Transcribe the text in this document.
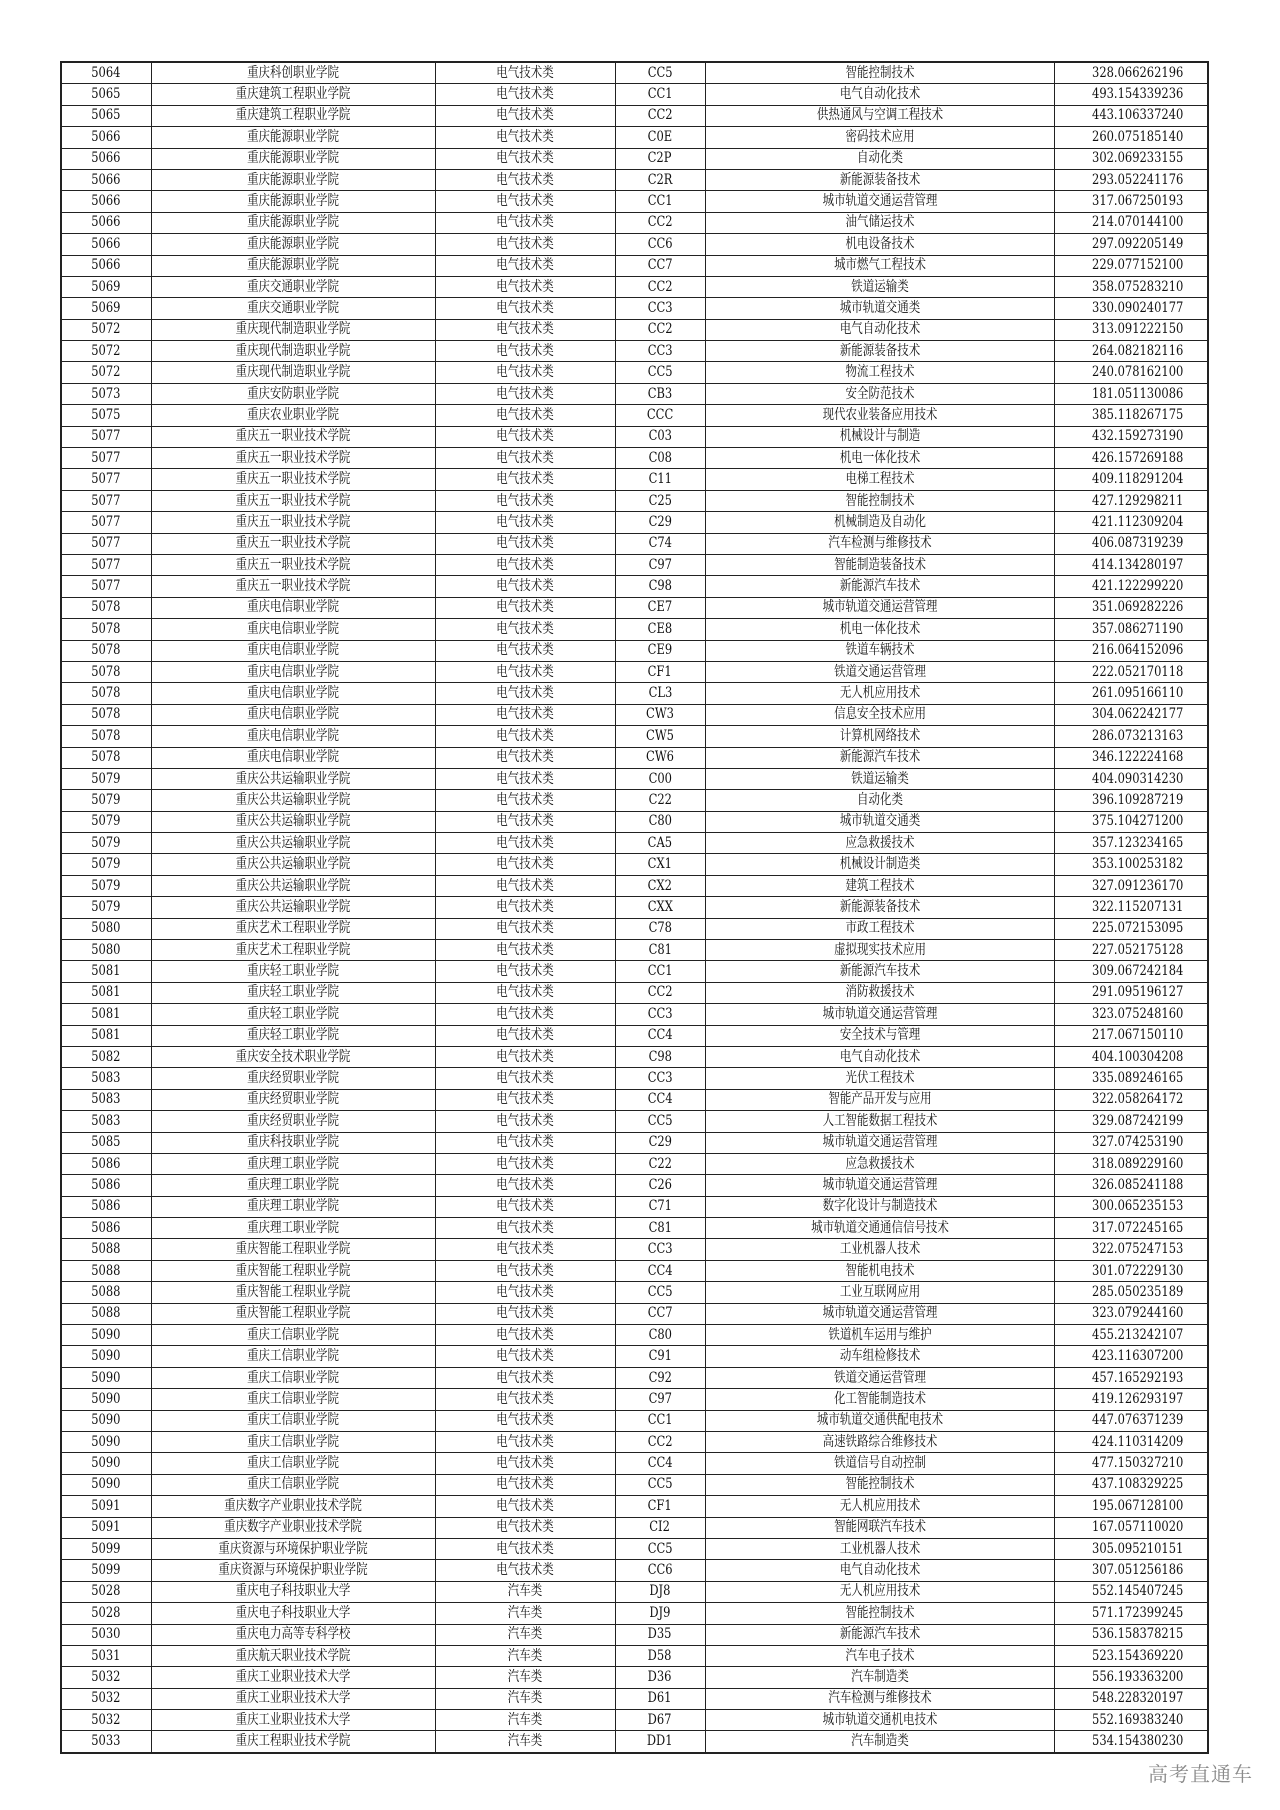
5064	重庆科创职业学院	电气技术类	CC5	智能控制技术	328.066262196
5065	重庆建筑工程职业学院	电气技术类	CC1	电气自动化技术	493.154339236
5065	重庆建筑工程职业学院	电气技术类	CC2	供热通风与空调工程技术	443.106337240
5066	重庆能源职业学院	电气技术类	C0E	密码技术应用	260.075185140
5066	重庆能源职业学院	电气技术类	C2P	自动化类	302.069233155
5066	重庆能源职业学院	电气技术类	C2R	新能源装备技术	293.052241176
5066	重庆能源职业学院	电气技术类	CC1	城市轨道交通运营管理	317.067250193
5066	重庆能源职业学院	电气技术类	CC2	油气储运技术	214.070144100
5066	重庆能源职业学院	电气技术类	CC6	机电设备技术	297.092205149
5066	重庆能源职业学院	电气技术类	CC7	城市燃气工程技术	229.077152100
5069	重庆交通职业学院	电气技术类	CC2	铁道运输类	358.075283210
5069	重庆交通职业学院	电气技术类	CC3	城市轨道交通类	330.090240177
5072	重庆现代制造职业学院	电气技术类	CC2	电气自动化技术	313.091222150
5072	重庆现代制造职业学院	电气技术类	CC3	新能源装备技术	264.082182116
5072	重庆现代制造职业学院	电气技术类	CC5	物流工程技术	240.078162100
5073	重庆安防职业学院	电气技术类	CB3	安全防范技术	181.051130086
5075	重庆农业职业学院	电气技术类	CCC	现代农业装备应用技术	385.118267175
5077	重庆五一职业技术学院	电气技术类	C03	机械设计与制造	432.159273190
5077	重庆五一职业技术学院	电气技术类	C08	机电一体化技术	426.157269188
5077	重庆五一职业技术学院	电气技术类	C11	电梯工程技术	409.118291204
5077	重庆五一职业技术学院	电气技术类	C25	智能控制技术	427.129298211
5077	重庆五一职业技术学院	电气技术类	C29	机械制造及自动化	421.112309204
5077	重庆五一职业技术学院	电气技术类	C74	汽车检测与维修技术	406.087319239
5077	重庆五一职业技术学院	电气技术类	C97	智能制造装备技术	414.134280197
5077	重庆五一职业技术学院	电气技术类	C98	新能源汽车技术	421.122299220
5078	重庆电信职业学院	电气技术类	CE7	城市轨道交通运营管理	351.069282226
5078	重庆电信职业学院	电气技术类	CE8	机电一体化技术	357.086271190
5078	重庆电信职业学院	电气技术类	CE9	铁道车辆技术	216.064152096
5078	重庆电信职业学院	电气技术类	CF1	铁道交通运营管理	222.052170118
5078	重庆电信职业学院	电气技术类	CL3	无人机应用技术	261.095166110
5078	重庆电信职业学院	电气技术类	CW3	信息安全技术应用	304.062242177
5078	重庆电信职业学院	电气技术类	CW5	计算机网络技术	286.073213163
5078	重庆电信职业学院	电气技术类	CW6	新能源汽车技术	346.122224168
5079	重庆公共运输职业学院	电气技术类	C00	铁道运输类	404.090314230
5079	重庆公共运输职业学院	电气技术类	C22	自动化类	396.109287219
5079	重庆公共运输职业学院	电气技术类	C80	城市轨道交通类	375.104271200
5079	重庆公共运输职业学院	电气技术类	CA5	应急救援技术	357.123234165
5079	重庆公共运输职业学院	电气技术类	CX1	机械设计制造类	353.100253182
5079	重庆公共运输职业学院	电气技术类	CX2	建筑工程技术	327.091236170
5079	重庆公共运输职业学院	电气技术类	CXX	新能源装备技术	322.115207131
5080	重庆艺术工程职业学院	电气技术类	C78	市政工程技术	225.072153095
5080	重庆艺术工程职业学院	电气技术类	C81	虚拟现实技术应用	227.052175128
5081	重庆轻工职业学院	电气技术类	CC1	新能源汽车技术	309.067242184
5081	重庆轻工职业学院	电气技术类	CC2	消防救援技术	291.095196127
5081	重庆轻工职业学院	电气技术类	CC3	城市轨道交通运营管理	323.075248160
5081	重庆轻工职业学院	电气技术类	CC4	安全技术与管理	217.067150110
5082	重庆安全技术职业学院	电气技术类	C98	电气自动化技术	404.100304208
5083	重庆经贸职业学院	电气技术类	CC3	光伏工程技术	335.089246165
5083	重庆经贸职业学院	电气技术类	CC4	智能产品开发与应用	322.058264172
5083	重庆经贸职业学院	电气技术类	CC5	人工智能数据工程技术	329.087242199
5085	重庆科技职业学院	电气技术类	C29	城市轨道交通运营管理	327.074253190
5086	重庆理工职业学院	电气技术类	C22	应急救援技术	318.089229160
5086	重庆理工职业学院	电气技术类	C26	城市轨道交通运营管理	326.085241188
5086	重庆理工职业学院	电气技术类	C71	数字化设计与制造技术	300.065235153
5086	重庆理工职业学院	电气技术类	C81	城市轨道交通通信信号技术	317.072245165
5088	重庆智能工程职业学院	电气技术类	CC3	工业机器人技术	322.075247153
5088	重庆智能工程职业学院	电气技术类	CC4	智能机电技术	301.072229130
5088	重庆智能工程职业学院	电气技术类	CC5	工业互联网应用	285.050235189
5088	重庆智能工程职业学院	电气技术类	CC7	城市轨道交通运营管理	323.079244160
5090	重庆工信职业学院	电气技术类	C80	铁道机车运用与维护	455.213242107
5090	重庆工信职业学院	电气技术类	C91	动车组检修技术	423.116307200
5090	重庆工信职业学院	电气技术类	C92	铁道交通运营管理	457.165292193
5090	重庆工信职业学院	电气技术类	C97	化工智能制造技术	419.126293197
5090	重庆工信职业学院	电气技术类	CC1	城市轨道交通供配电技术	447.076371239
5090	重庆工信职业学院	电气技术类	CC2	高速铁路综合维修技术	424.110314209
5090	重庆工信职业学院	电气技术类	CC4	铁道信号自动控制	477.150327210
5090	重庆工信职业学院	电气技术类	CC5	智能控制技术	437.108329225
5091	重庆数字产业职业技术学院	电气技术类	CF1	无人机应用技术	195.067128100
5091	重庆数字产业职业技术学院	电气技术类	CI2	智能网联汽车技术	167.057110020
5099	重庆资源与环境保护职业学院	电气技术类	CC5	工业机器人技术	305.095210151
5099	重庆资源与环境保护职业学院	电气技术类	CC6	电气自动化技术	307.051256186
5028	重庆电子科技职业大学	汽车类	DJ8	无人机应用技术	552.145407245
5028	重庆电子科技职业大学	汽车类	DJ9	智能控制技术	571.172399245
5030	重庆电力高等专科学校	汽车类	D35	新能源汽车技术	536.158378215
5031	重庆航天职业技术学院	汽车类	D58	汽车电子技术	523.154369220
5032	重庆工业职业技术大学	汽车类	D36	汽车制造类	556.193363200
5032	重庆工业职业技术大学	汽车类	D61	汽车检测与维修技术	548.228320197
5032	重庆工业职业技术大学	汽车类	D67	城市轨道交通机电技术	552.169383240
5033	重庆工程职业技术学院	汽车类	DD1	汽车制造类	534.154380230
高考直通车
